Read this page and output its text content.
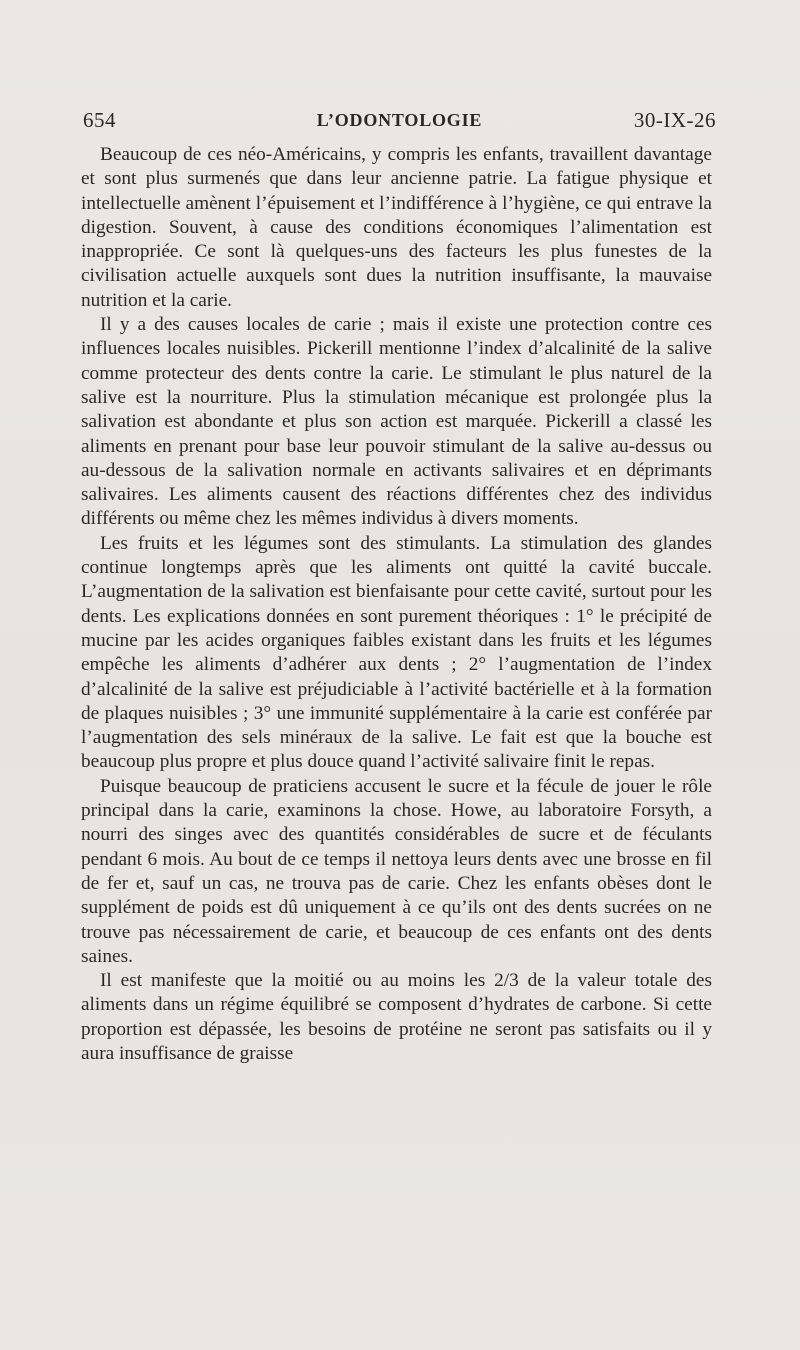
654	L’ODONTOLOGIE	30-IX-26

Beaucoup de ces néo-Américains, y compris les enfants, travaillent davantage et sont plus surmenés que dans leur ancienne patrie. La fatigue physique et intellectuelle amènent l’épuisement et l’indifférence à l’hygiène, ce qui entrave la digestion. Souvent, à cause des conditions économiques l’alimentation est inappropriée. Ce sont là quelques-uns des facteurs les plus funestes de la civilisation actuelle auxquels sont dues la nutrition insuffisante, la mauvaise nutrition et la carie.

Il y a des causes locales de carie ; mais il existe une protection contre ces influences locales nuisibles. Pickerill mentionne l’index d’alcalinité de la salive comme protecteur des dents contre la carie. Le stimulant le plus naturel de la salive est la nourriture. Plus la stimulation mécanique est prolongée plus la salivation est abondante et plus son action est marquée. Pickerill a classé les aliments en prenant pour base leur pouvoir stimulant de la salive au-dessus ou au-dessous de la salivation normale en activants salivaires et en déprimants salivaires. Les aliments causent des réactions différentes chez des individus différents ou même chez les mêmes individus à divers moments.

Les fruits et les légumes sont des stimulants. La stimulation des glandes continue longtemps après que les aliments ont quitté la cavité buccale. L’augmentation de la salivation est bienfaisante pour cette cavité, surtout pour les dents. Les explications données en sont purement théoriques : 1° le précipité de mucine par les acides organiques faibles existant dans les fruits et les légumes empêche les aliments d’adhérer aux dents ; 2° l’augmentation de l’index d’alcalinité de la salive est préjudiciable à l’activité bactérielle et à la formation de plaques nuisibles ; 3° une immunité supplémentaire à la carie est conférée par l’augmentation des sels minéraux de la salive. Le fait est que la bouche est beaucoup plus propre et plus douce quand l’activité salivaire finit le repas.

Puisque beaucoup de praticiens accusent le sucre et la fécule de jouer le rôle principal dans la carie, examinons la chose. Howe, au laboratoire Forsyth, a nourri des singes avec des quantités considérables de sucre et de féculants pendant 6 mois. Au bout de ce temps il nettoya leurs dents avec une brosse en fil de fer et, sauf un cas, ne trouva pas de carie. Chez les enfants obèses dont le supplément de poids est dû uniquement à ce qu’ils ont des dents sucrées on ne trouve pas nécessairement de carie, et beaucoup de ces enfants ont des dents saines.

Il est manifeste que la moitié ou au moins les 2/3 de la valeur totale des aliments dans un régime équilibré se composent d’hydrates de carbone. Si cette proportion est dépassée, les besoins de protéine ne seront pas satisfaits ou il y aura insuffisance de graisse
